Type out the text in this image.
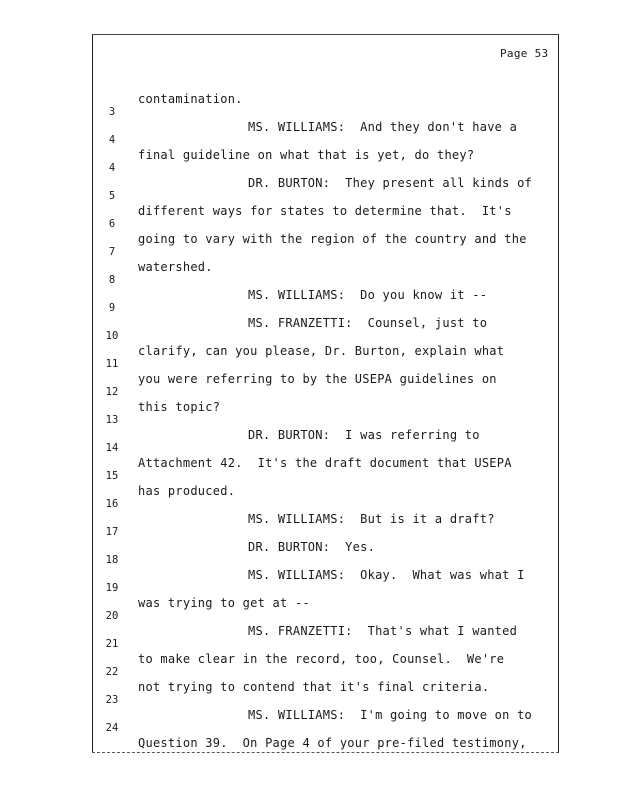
Page 53

contamination.

3

MS. WILLIAMS:  And they don't have a

4

final guideline on what that is yet, do they?

4

DR. BURTON:  They present all kinds of

5

different ways for states to determine that.  It's

6

going to vary with the region of the country and the

7

watershed.

8

MS. WILLIAMS:  Do you know it --

9

MS. FRANZETTI:  Counsel, just to

10

clarify, can you please, Dr. Burton, explain what

11

you were referring to by the USEPA guidelines on

12

this topic?

13

DR. BURTON:  I was referring to

14

Attachment 42.  It's the draft document that USEPA

15

has produced.

16

MS. WILLIAMS:  But is it a draft?

17

DR. BURTON:  Yes.

18

MS. WILLIAMS:  Okay.  What was what I

19

was trying to get at --

20

MS. FRANZETTI:  That's what I wanted

21

to make clear in the record, too, Counsel.  We're

22

not trying to contend that it's final criteria.

23

MS. WILLIAMS:  I'm going to move on to

24

Question 39.  On Page 4 of your pre-filed testimony,
